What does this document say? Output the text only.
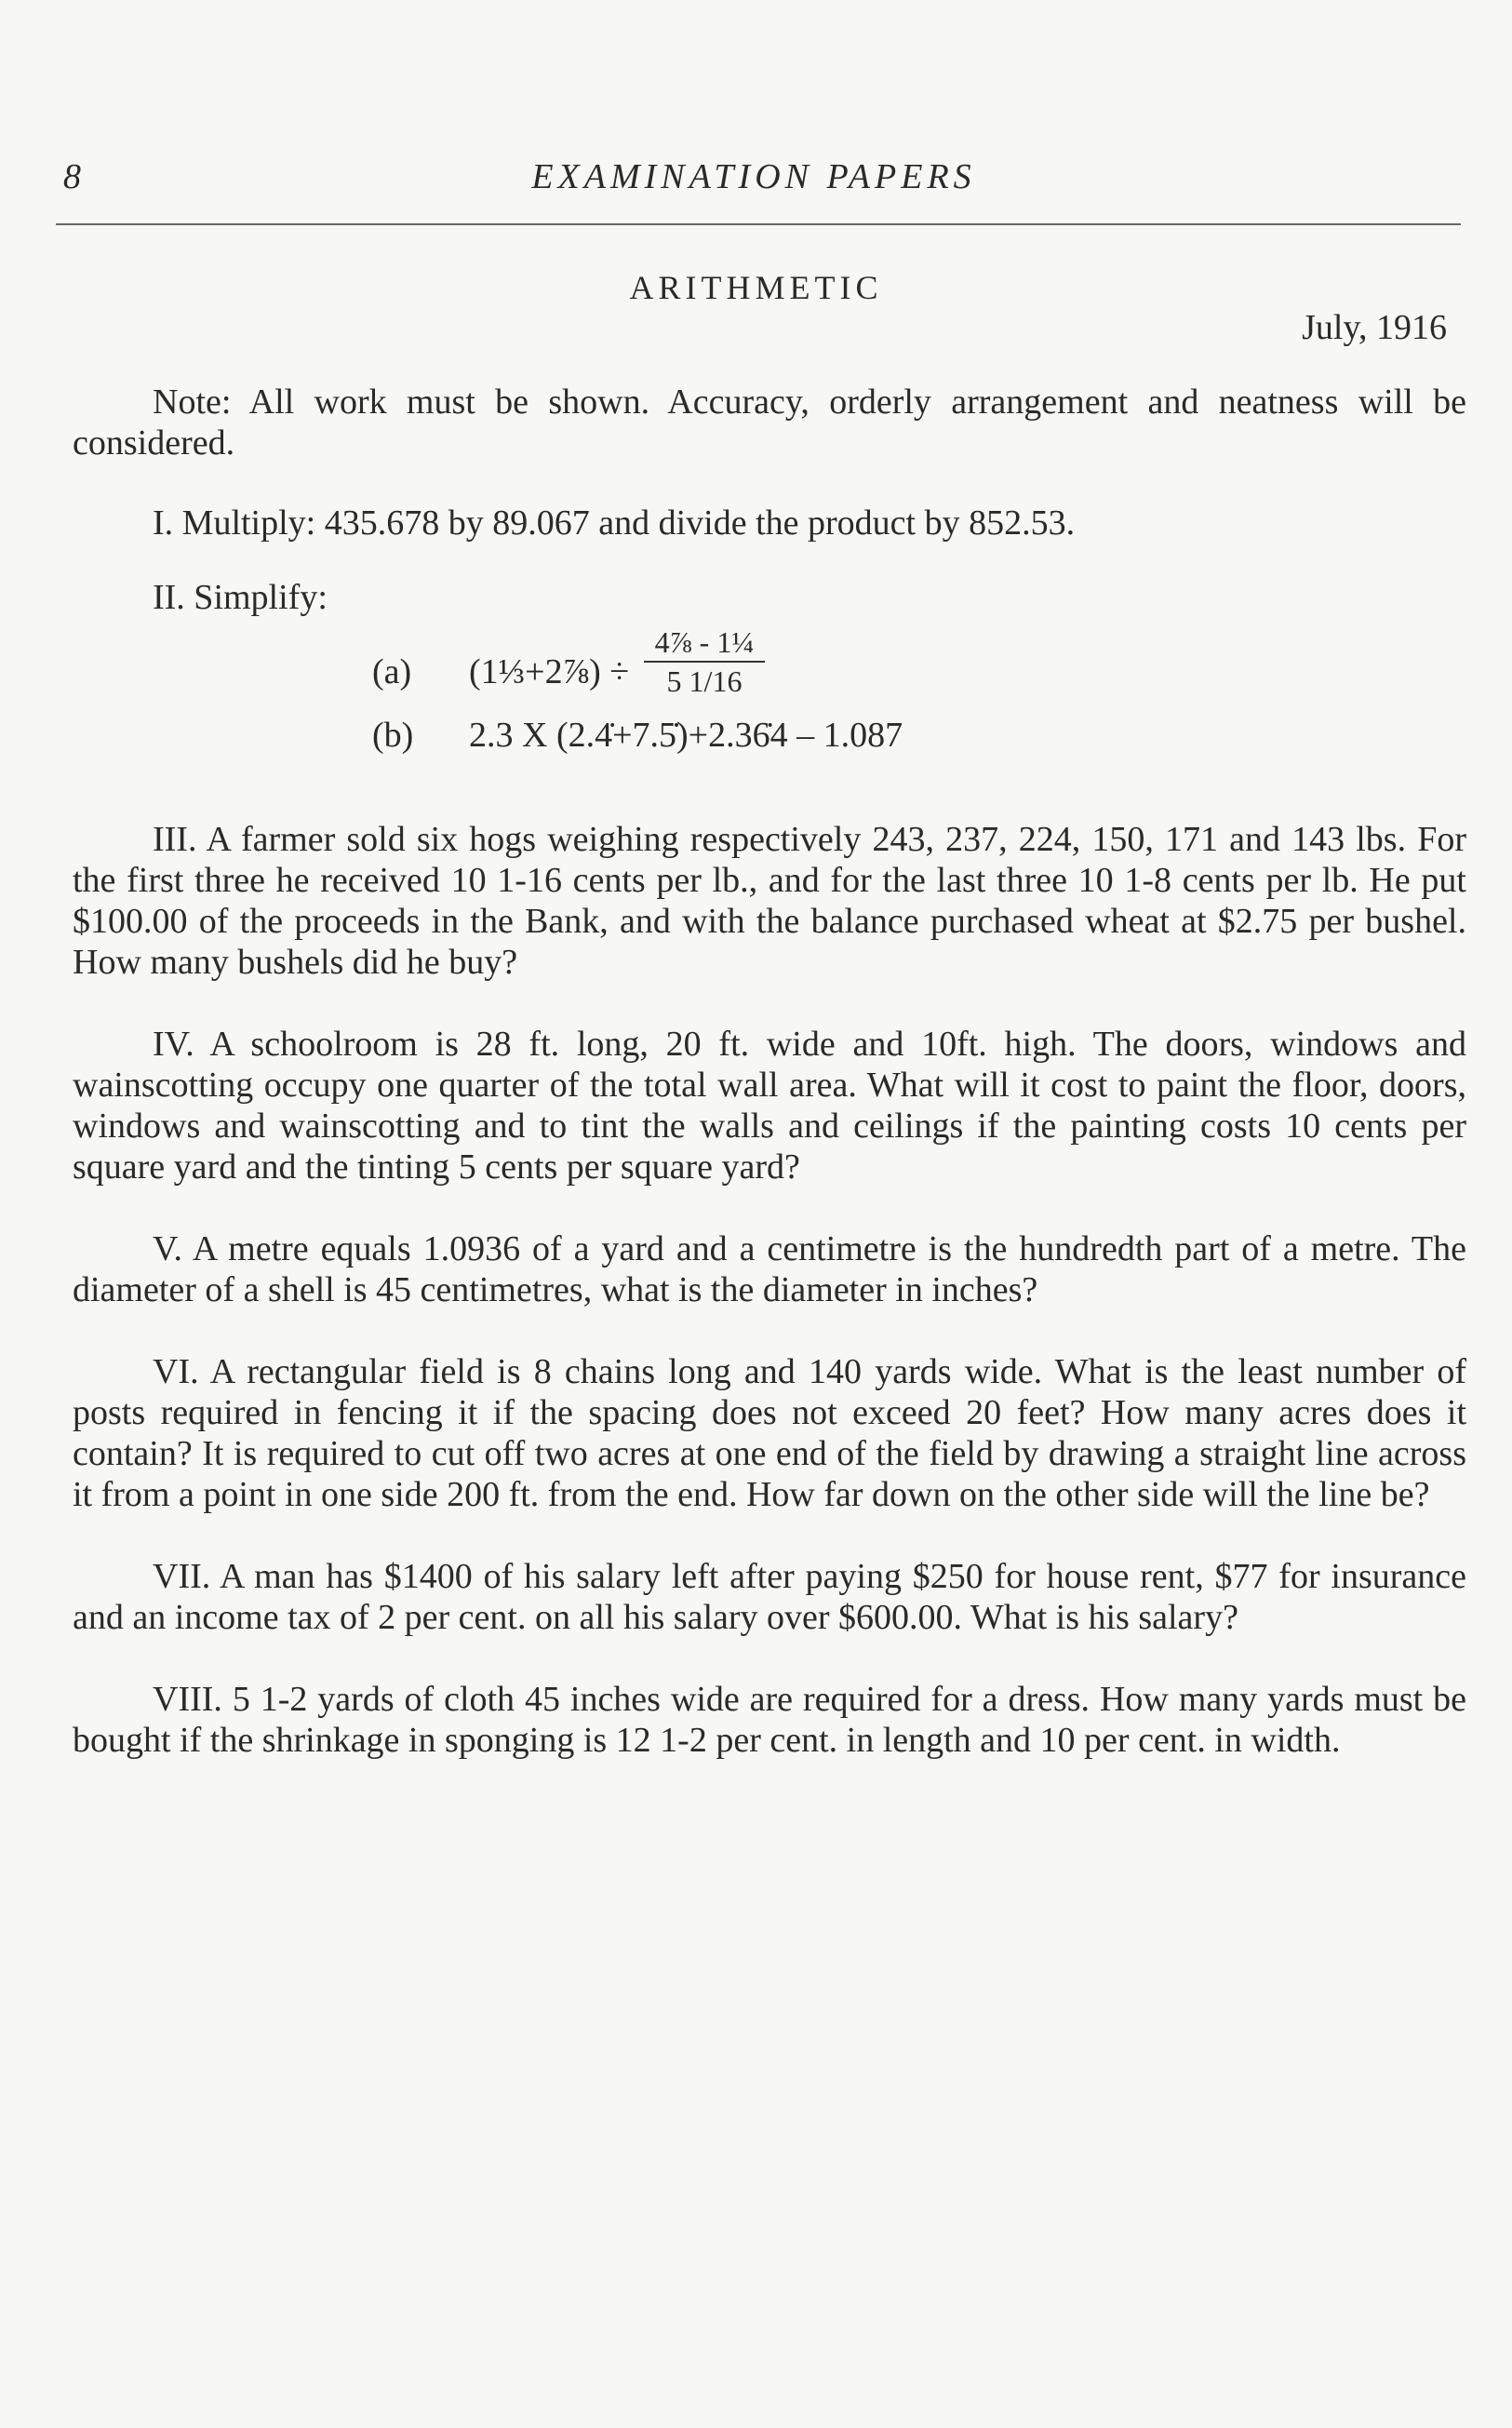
8	EXAMINATION PAPERS
ARITHMETIC
July, 1916

Note: All work must be shown. Accuracy, orderly arrangement and neatness will be considered.

I. Multiply: 435.678 by 89.067 and divide the product by 852.53.

II. Simplify:
4⅞ - 1¼
5 1/16
(a) (1⅓+2⅞) ÷
(b) 2.3 X (2.4̇+7.5̇)+2.36̇4 – 1.087

III. A farmer sold six hogs weighing respectively 243, 237, 224, 150, 171 and 143 lbs. For the first three he received 10 1-16 cents per lb., and for the last three 10 1-8 cents per lb. He put $100.00 of the proceeds in the Bank, and with the balance purchased wheat at $2.75 per bushel. How many bushels did he buy?

IV. A schoolroom is 28 ft. long, 20 ft. wide and 10ft. high. The doors, windows and wainscotting occupy one quarter of the total wall area. What will it cost to paint the floor, doors, windows and wainscotting and to tint the walls and ceilings if the painting costs 10 cents per square yard and the tinting 5 cents per square yard?

V. A metre equals 1.0936 of a yard and a centimetre is the hundredth part of a metre. The diameter of a shell is 45 centimetres, what is the diameter in inches?

VI. A rectangular field is 8 chains long and 140 yards wide. What is the least number of posts required in fencing it if the spacing does not exceed 20 feet? How many acres does it contain? It is required to cut off two acres at one end of the field by drawing a straight line across it from a point in one side 200 ft. from the end. How far down on the other side will the line be?

VII. A man has $1400 of his salary left after paying $250 for house rent, $77 for insurance and an income tax of 2 per cent. on all his salary over $600.00. What is his salary?

VIII. 5 1-2 yards of cloth 45 inches wide are required for a dress. How many yards must be bought if the shrinkage in sponging is 12 1-2 per cent. in length and 10 per cent. in width.
